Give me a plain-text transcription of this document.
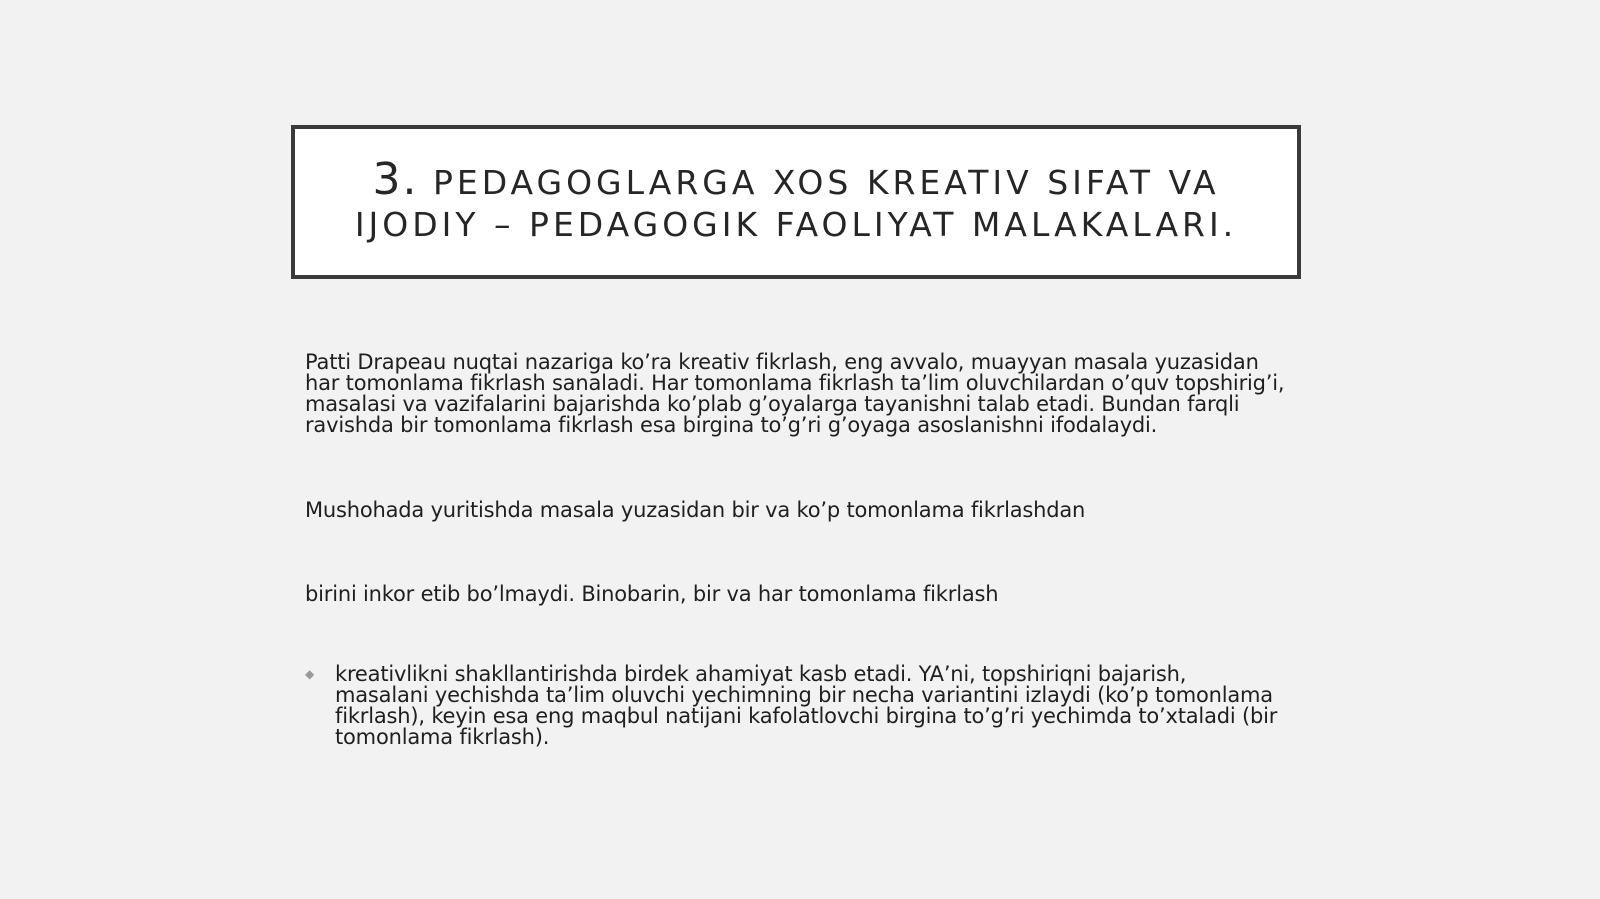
3. PEDAGOGLARGA XOS KREATIV SIFAT VA
IJODIY – PEDAGOGIK FAOLIYAT MALAKALARI.

Patti Drapeau nuqtai nazariga ko’ra kreativ fikrlash, eng avvalo, muayyan masala yuzasidan har tomonlama fikrlash sanaladi. Har tomonlama fikrlash ta’lim oluvchilardan o’quv topshirig’i, masalasi va vazifalarini bajarishda ko’plab g’oyalarga tayanishni talab etadi. Bundan farqli ravishda bir tomonlama fikrlash esa birgina to’g’ri g’oyaga asoslanishni ifodalaydi.

Mushohada yuritishda masala yuzasidan bir va ko’p tomonlama fikrlashdan

birini inkor etib bo’lmaydi. Binobarin, bir va har tomonlama fikrlash

◆ kreativlikni shakllantirishda birdek ahamiyat kasb etadi. YA’ni, topshiriqni bajarish, masalani yechishda ta’lim oluvchi yechimning bir necha variantini izlaydi (ko’p tomonlama fikrlash), keyin esa eng maqbul natijani kafolatlovchi birgina to’g’ri yechimda to’xtaladi (bir tomonlama fikrlash).
